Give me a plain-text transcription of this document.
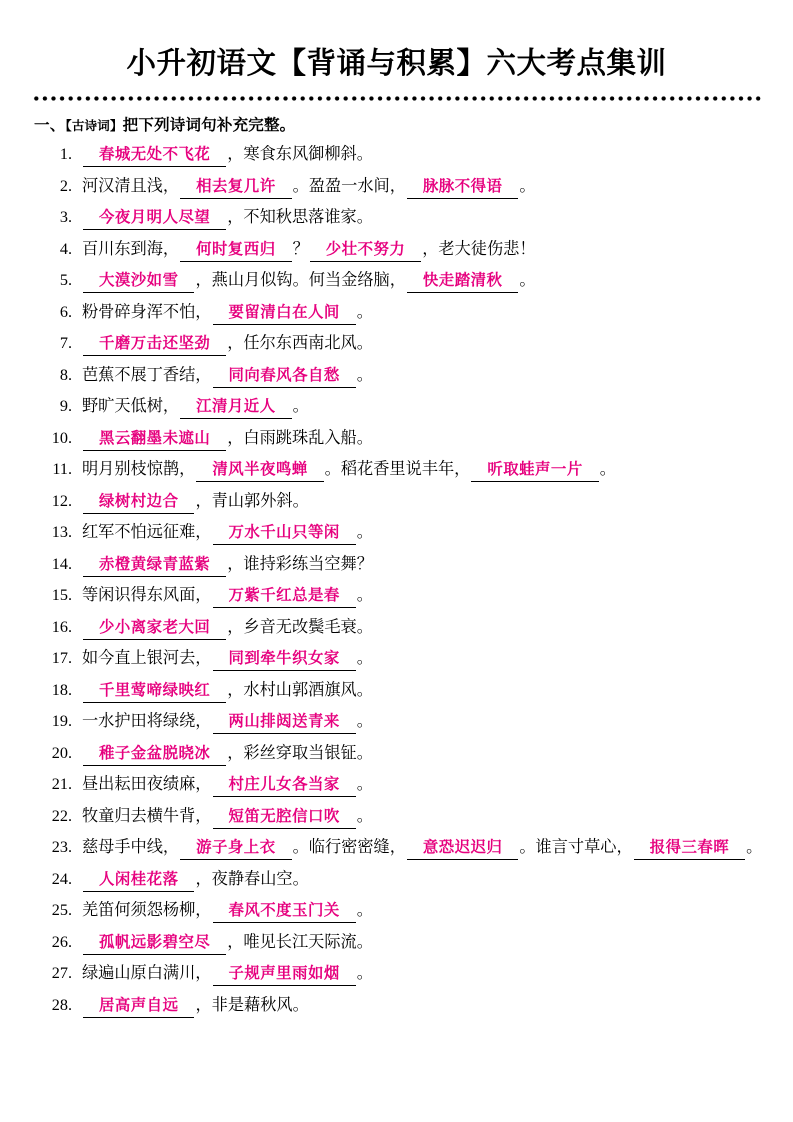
小升初语文【背诵与积累】六大考点集训
一、【古诗词】把下列诗词句补充完整。
1. 春城无处不飞花 ，寒食东风御柳斜。
2. 河汉清且浅， 相去复几许 。盈盈一水间， 脉脉不得语 。
3. 今夜月明人尽望 ，不知秋思落谁家。
4. 百川东到海， 何时复西归 ？ 少壮不努力 ，老大徒伤悲！
5. 大漠沙如雪 ，燕山月似钩。何当金络脑， 快走踏清秋 。
6. 粉骨碎身浑不怕， 要留清白在人间 。
7. 千磨万击还坚劲 ，任尔东西南北风。
8. 芭蕉不展丁香结， 同向春风各自愁 。
9. 野旷天低树， 江清月近人 。
10. 黑云翻墨未遮山 ，白雨跳珠乱入船。
11. 明月别枝惊鹊， 清风半夜鸣蝉 。稻花香里说丰年， 听取蛙声一片 。
12. 绿树村边合 ，青山郭外斜。
13. 红军不怕远征难， 万水千山只等闲 。
14. 赤橙黄绿青蓝紫 ，谁持彩练当空舞？
15. 等闲识得东风面， 万紫千红总是春 。
16. 少小离家老大回 ，乡音无改鬓毛衰。
17. 如今直上银河去， 同到牵牛织女家 。
18. 千里莺啼绿映红 ，水村山郭酒旗风。
19. 一水护田将绿绕， 两山排闼送青来 。
20. 稚子金盆脱晓冰 ，彩丝穿取当银钲。
21. 昼出耘田夜绩麻， 村庄儿女各当家 。
22. 牧童归去横牛背， 短笛无腔信口吹 。
23. 慈母手中线， 游子身上衣 。临行密密缝， 意恐迟迟归 。谁言寸草心， 报得三春晖 。
24. 人闲桂花落 ，夜静春山空。
25. 羌笛何须怨杨柳， 春风不度玉门关 。
26. 孤帆远影碧空尽 ，唯见长江天际流。
27. 绿遍山原白满川， 子规声里雨如烟 。
28. 居高声自远 ，非是藉秋风。
